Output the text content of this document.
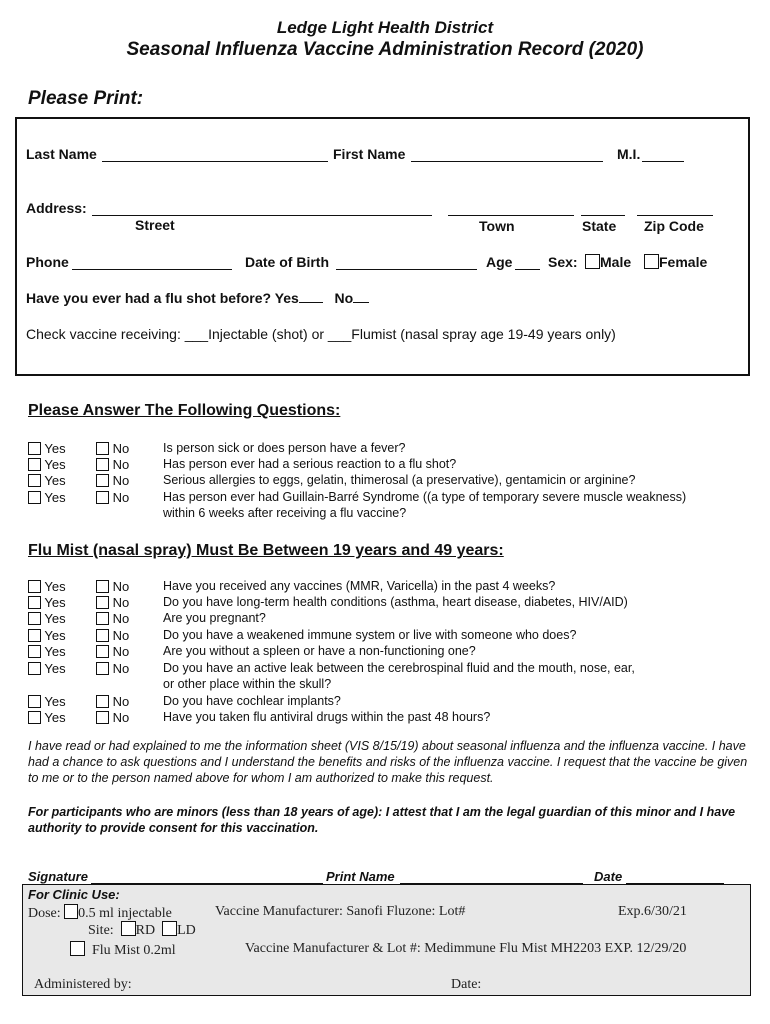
Ledge Light Health District
Seasonal Influenza Vaccine Administration Record (2020)
Please Print:
Last Name	First Name	M.I.
Address:
Street	Town	State Zip Code
Phone	Date of Birth	Age	Sex:	Male	Female
Have you ever had a flu shot before? Yes	No
Check vaccine receiving: ___Injectable (shot) or ___Flumist (nasal spray age 19-49 years only)
Please Answer The Following Questions:
Yes	No	Is person sick or does person have a fever?
Yes	No	Has person ever had a serious reaction to a flu shot?
Yes	No	Serious allergies to eggs, gelatin, thimerosal (a preservative), gentamicin or arginine?
Yes	No	Has person ever had Guillain-Barré Syndrome ((a type of temporary severe muscle weakness)
within 6 weeks after receiving a flu vaccine?
Flu Mist (nasal spray) Must Be Between 19 years and 49 years:
Yes	No	Have you received any vaccines (MMR, Varicella) in the past 4 weeks?
Yes	No	Do you have long-term health conditions (asthma, heart disease, diabetes, HIV/AID)
Yes	No	Are you pregnant?
Yes	No	Do you have a weakened immune system or live with someone who does?
Yes	No	Are you without a spleen or have a non-functioning one?
Yes	No	Do you have an active leak between the cerebrospinal fluid and the mouth, nose, ear,
or other place within the skull?
Yes	No	Do you have cochlear implants?
Yes	No	Have you taken flu antiviral drugs within the past 48 hours?
I have read or had explained to me the information sheet (VIS 8/15/19) about seasonal influenza and the influenza vaccine. I have had a chance to ask questions and I understand the benefits and risks of the influenza vaccine. I request that the vaccine be given to me or to the person named above for whom I am authorized to make this request.
For participants who are minors (less than 18 years of age): I attest that I am the legal guardian of this minor and I have authority to provide consent for this vaccination.
Signature	Print Name	Date
For Clinic Use:
Dose: 0.5 ml injectable	Vaccine Manufacturer: Sanofi Fluzone: Lot#	Exp.6/30/21
Site: RD LD
Flu Mist 0.2ml	Vaccine Manufacturer & Lot #: Medimmune Flu Mist MH2203 EXP. 12/29/20
Administered by:	Date:
